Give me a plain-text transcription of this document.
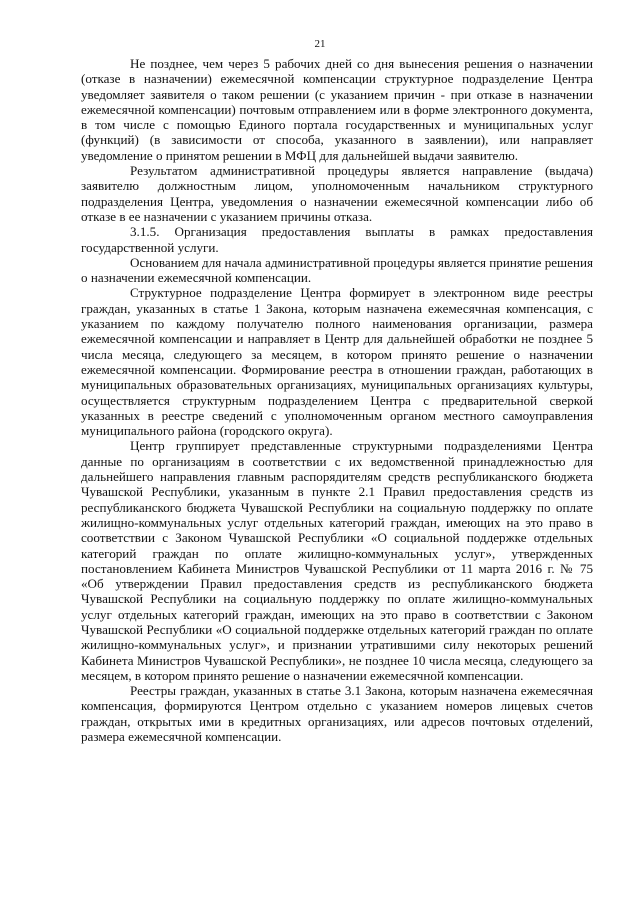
21

Не позднее, чем через 5 рабочих дней со дня вынесения решения о назначении (отказе в назначении) ежемесячной компенсации структурное подразделение Центра уведомляет заявителя о таком решении (с указанием причин - при отказе в назначении ежемесячной компенсации) почтовым отправлением или в форме электронного документа, в том числе с помощью Единого портала государственных и муниципальных услуг (функций) (в зависимости от способа, указанного в заявлении), или направляет уведомление о принятом решении в МФЦ для дальнейшей выдачи заявителю.

Результатом административной процедуры является направление (выдача) заявителю должностным лицом, уполномоченным начальником структурного подразделения Центра, уведомления о назначении ежемесячной компенсации либо об отказе в ее назначении с указанием причины отказа.

3.1.5. Организация предоставления выплаты в рамках предоставления государственной услуги.

Основанием для начала административной процедуры является принятие решения о назначении ежемесячной компенсации.

Структурное подразделение Центра формирует в электронном виде реестры граждан, указанных в статье 1 Закона, которым назначена ежемесячная компенсация, с указанием по каждому получателю полного наименования организации, размера ежемесячной компенсации и направляет в Центр для дальнейшей обработки не позднее 5 числа месяца, следующего за месяцем, в котором принято решение о назначении ежемесячной компенсации. Формирование реестра в отношении граждан, работающих в муниципальных образовательных организациях, муниципальных организациях культуры, осуществляется структурным подразделением Центра с предварительной сверкой указанных в реестре сведений с уполномоченным органом местного самоуправления муниципального района (городского округа).

Центр группирует представленные структурными подразделениями Центра данные по организациям в соответствии с их ведомственной принадлежностью для дальнейшего направления главным распорядителям средств республиканского бюджета Чувашской Республики, указанным в пункте 2.1 Правил предоставления средств из республиканского бюджета Чувашской Республики на социальную поддержку по оплате жилищно-коммунальных услуг отдельных категорий граждан, имеющих на это право в соответствии с Законом Чувашской Республики «О социальной поддержке отдельных категорий граждан по оплате жилищно-коммунальных услуг», утвержденных постановлением Кабинета Министров Чувашской Республики от 11 марта 2016 г. № 75 «Об утверждении Правил предоставления средств из республиканского бюджета Чувашской Республики на социальную поддержку по оплате жилищно-коммунальных услуг отдельных категорий граждан, имеющих на это право в соответствии с Законом Чувашской Республики «О социальной поддержке отдельных категорий граждан по оплате жилищно-коммунальных услуг», и признании утратившими силу некоторых решений Кабинета Министров Чувашской Республики», не позднее 10 числа месяца, следующего за месяцем, в котором принято решение о назначении ежемесячной компенсации.

Реестры граждан, указанных в статье 3.1 Закона, которым назначена ежемесячная компенсация, формируются Центром отдельно с указанием номеров лицевых счетов граждан, открытых ими в кредитных организациях, или адресов почтовых отделений, размера ежемесячной компенсации.
